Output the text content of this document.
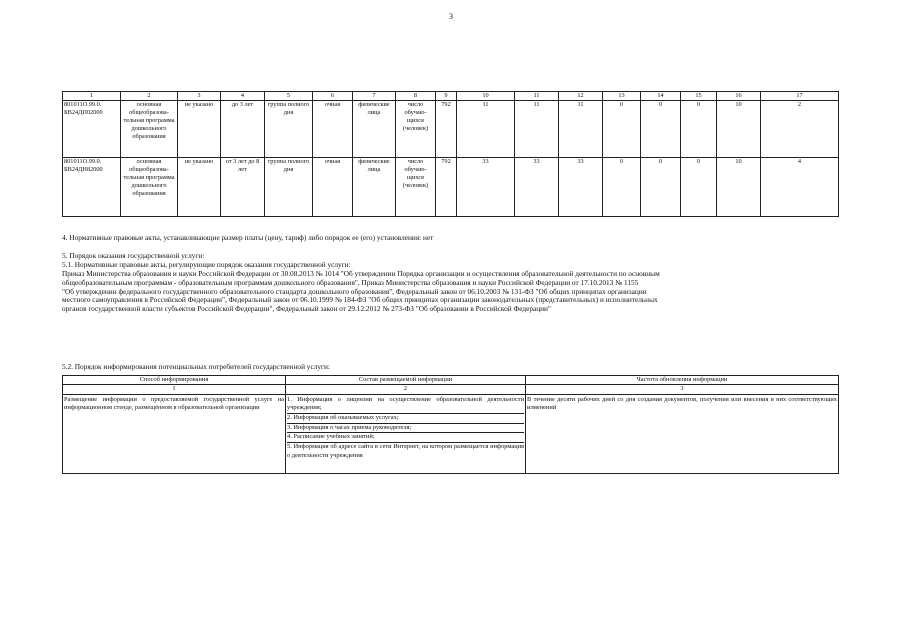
3
1	2	3	4	5	6	7	8	9	10	11	12	13	14	15	16	17
801011О.99.0.
БВ24ДП02000	основная общеобразова-тельная программа дошкольного образования	не указано	до 3 лет	группа полного дня	очная	физические лица	число обучаю-щихся (человек)	792	11	11	11	0	0	0	10	2
801011О.99.0.
БВ24ДН82000	основная общеобразова-тельная программа дошкольного образования	не указано	от 3 лет до 8 лет	группа полного дня	очная	физические лица	число обучаю-щихся (человек)	792	33	33	33	0	0	0	10	4
4. Нормативные правовые акты, устанавливающие размер платы (цену, тариф) либо порядок ее (его) установления: нет
5. Порядок оказания государственной услуги:
5.1. Нормативные правовые акты, регулирующие порядок оказания государственной услуги:
Приказ Министерства образования и науки Российской Федерации от 30.08.2013 № 1014 "Об утверждении Порядка организации и осуществления образовательной деятельности по основным
общеобразовательным программам - образовательным программам дошкольного образования", Приказ Министерства образования и науки Российской Федерации от 17.10.2013 № 1155
"Об утверждении федерального государственного образовательного стандарта дошкольного образования", Федеральный закон от 06.10.2003 № 131-ФЗ "Об общих принципах организации
местного самоуправления в Российской Федерации", Федеральный закон от 06.10.1999 № 184-ФЗ "Об общих принципах организации законодательных (представительных) и исполнительных
органов государственной власти субъектов Российской Федерации", Федеральный закон от 29.12.2012 № 273-ФЗ "Об образовании в Российской Федерации"
5.2. Порядок информирования потенциальных потребителей государственной услуги:
Способ информирования	Состав размещаемой информации	Частота обновления информации
1	2	3
Размещение информации о предоставляемой государственной услуге на информационном стенде, размещённом в образовательной организации	1. Информация о лицензии на осуществление образовательной деятельности учреждения;

2. Информация об оказываемых услугах;

3. Информация о часах приема руководителя;

4. Расписание учебных занятий;

5. Информация об адресе сайта в сети Интернет, на котором размещается информация о деятельности учреждения	В течение десяти рабочих дней со дня создания документов, получения или внесения в них соответствующих изменений
